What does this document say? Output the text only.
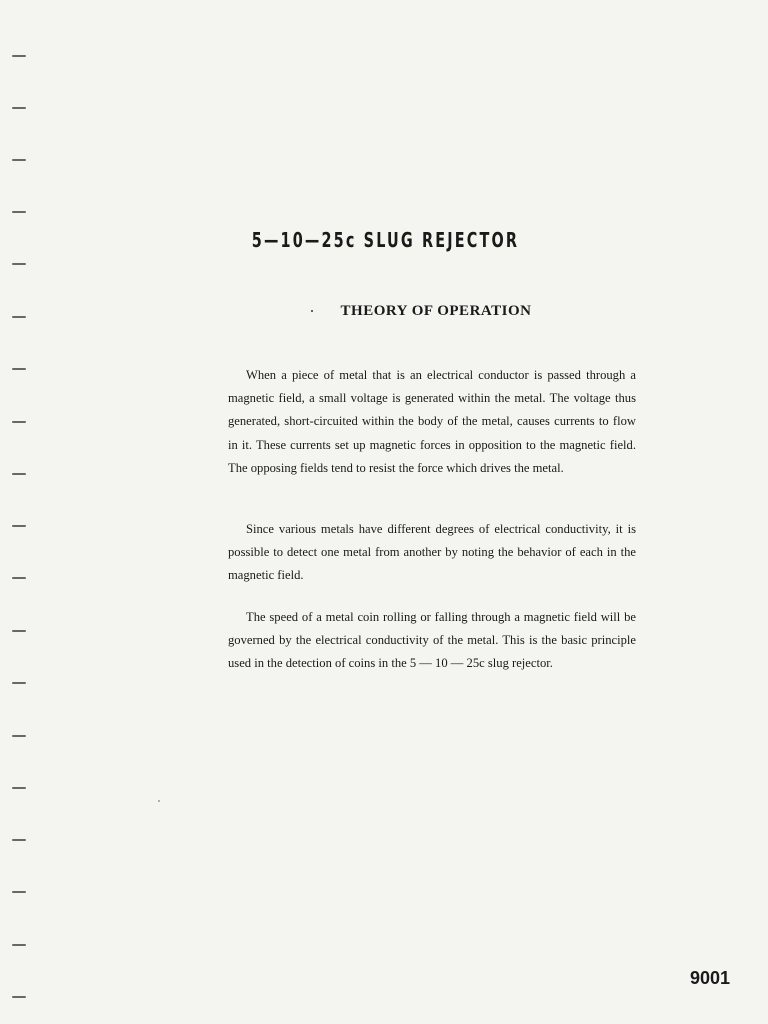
5—10—25c SLUG REJECTOR
THEORY OF OPERATION

When a piece of metal that is an electrical conductor is passed through a magnetic field, a small voltage is generated within the metal. The voltage thus generated, short-circuited within the body of the metal, causes currents to flow in it. These currents set up magnetic forces in opposition to the magnetic field. The opposing fields tend to resist the force which drives the metal.

Since various metals have different degrees of electrical conductivity, it is possible to detect one metal from another by noting the behavior of each in the magnetic field.

The speed of a metal coin rolling or falling through a magnetic field will be governed by the electrical conductivity of the metal. This is the basic principle used in the detection of coins in the 5 — 10 — 25c slug rejector.

9001
